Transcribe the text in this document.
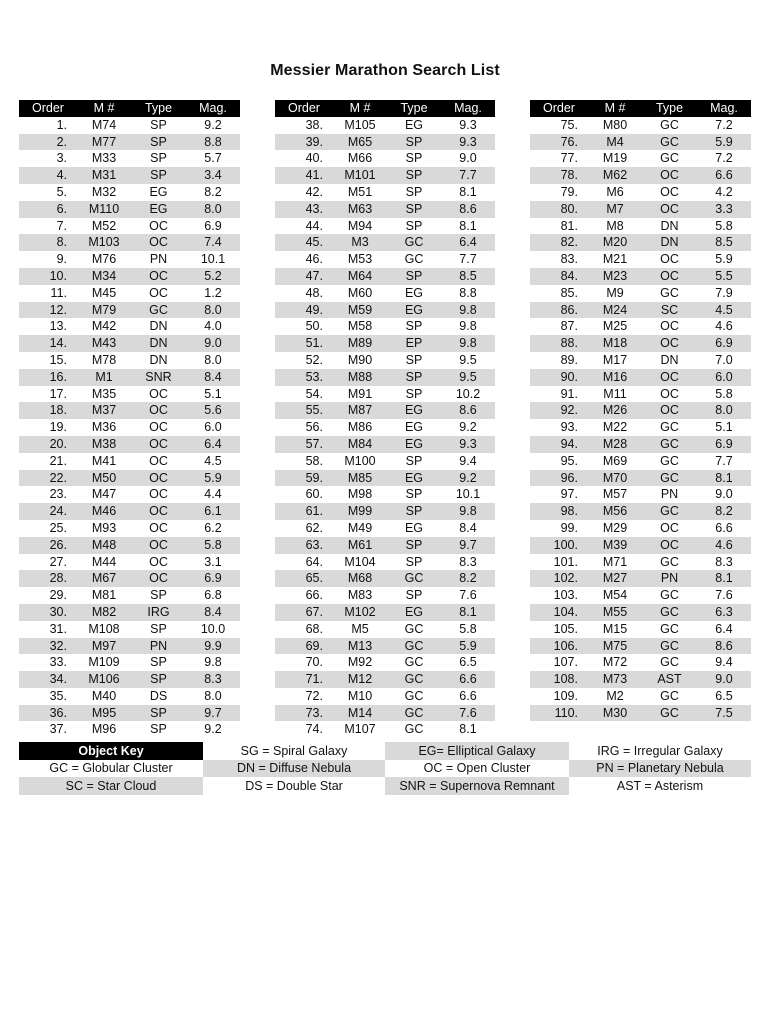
Messier Marathon Search List
Order	M #	Type	Mag.
1.	M74	SP	9.2
2.	M77	SP	8.8
3.	M33	SP	5.7
4.	M31	SP	3.4
5.	M32	EG	8.2
6.	M110	EG	8.0
7.	M52	OC	6.9
8.	M103	OC	7.4
9.	M76	PN	10.1
10.	M34	OC	5.2
11.	M45	OC	1.2
12.	M79	GC	8.0
13.	M42	DN	4.0
14.	M43	DN	9.0
15.	M78	DN	8.0
16.	M1	SNR	8.4
17.	M35	OC	5.1
18.	M37	OC	5.6
19.	M36	OC	6.0
20.	M38	OC	6.4
21.	M41	OC	4.5
22.	M50	OC	5.9
23.	M47	OC	4.4
24.	M46	OC	6.1
25.	M93	OC	6.2
26.	M48	OC	5.8
27.	M44	OC	3.1
28.	M67	OC	6.9
29.	M81	SP	6.8
30.	M82	IRG	8.4
31.	M108	SP	10.0
32.	M97	PN	9.9
33.	M109	SP	9.8
34.	M106	SP	8.3
35.	M40	DS	8.0
36.	M95	SP	9.7
37.	M96	SP	9.2
Order	M #	Type	Mag.
38.	M105	EG	9.3
39.	M65	SP	9.3
40.	M66	SP	9.0
41.	M101	SP	7.7
42.	M51	SP	8.1
43.	M63	SP	8.6
44.	M94	SP	8.1
45.	M3	GC	6.4
46.	M53	GC	7.7
47.	M64	SP	8.5
48.	M60	EG	8.8
49.	M59	EG	9.8
50.	M58	SP	9.8
51.	M89	EP	9.8
52.	M90	SP	9.5
53.	M88	SP	9.5
54.	M91	SP	10.2
55.	M87	EG	8.6
56.	M86	EG	9.2
57.	M84	EG	9.3
58.	M100	SP	9.4
59.	M85	EG	9.2
60.	M98	SP	10.1
61.	M99	SP	9.8
62.	M49	EG	8.4
63.	M61	SP	9.7
64.	M104	SP	8.3
65.	M68	GC	8.2
66.	M83	SP	7.6
67.	M102	EG	8.1
68.	M5	GC	5.8
69.	M13	GC	5.9
70.	M92	GC	6.5
71.	M12	GC	6.6
72.	M10	GC	6.6
73.	M14	GC	7.6
74.	M107	GC	8.1
Order	M #	Type	Mag.
75.	M80	GC	7.2
76.	M4	GC	5.9
77.	M19	GC	7.2
78.	M62	OC	6.6
79.	M6	OC	4.2
80.	M7	OC	3.3
81.	M8	DN	5.8
82.	M20	DN	8.5
83.	M21	OC	5.9
84.	M23	OC	5.5
85.	M9	GC	7.9
86.	M24	SC	4.5
87.	M25	OC	4.6
88.	M18	OC	6.9
89.	M17	DN	7.0
90.	M16	OC	6.0
91.	M11	OC	5.8
92.	M26	OC	8.0
93.	M22	GC	5.1
94.	M28	GC	6.9
95.	M69	GC	7.7
96.	M70	GC	8.1
97.	M57	PN	9.0
98.	M56	GC	8.2
99.	M29	OC	6.6
100.	M39	OC	4.6
101.	M71	GC	8.3
102.	M27	PN	8.1
103.	M54	GC	7.6
104.	M55	GC	6.3
105.	M15	GC	6.4
106.	M75	GC	8.6
107.	M72	GC	9.4
108.	M73	AST	9.0
109.	M2	GC	6.5
110.	M30	GC	7.5
Object Key	SG = Spiral Galaxy	EG= Elliptical Galaxy	IRG = Irregular Galaxy
GC = Globular Cluster	DN = Diffuse Nebula	OC = Open Cluster	PN = Planetary Nebula
SC = Star Cloud	DS = Double Star	SNR = Supernova Remnant	AST = Asterism
